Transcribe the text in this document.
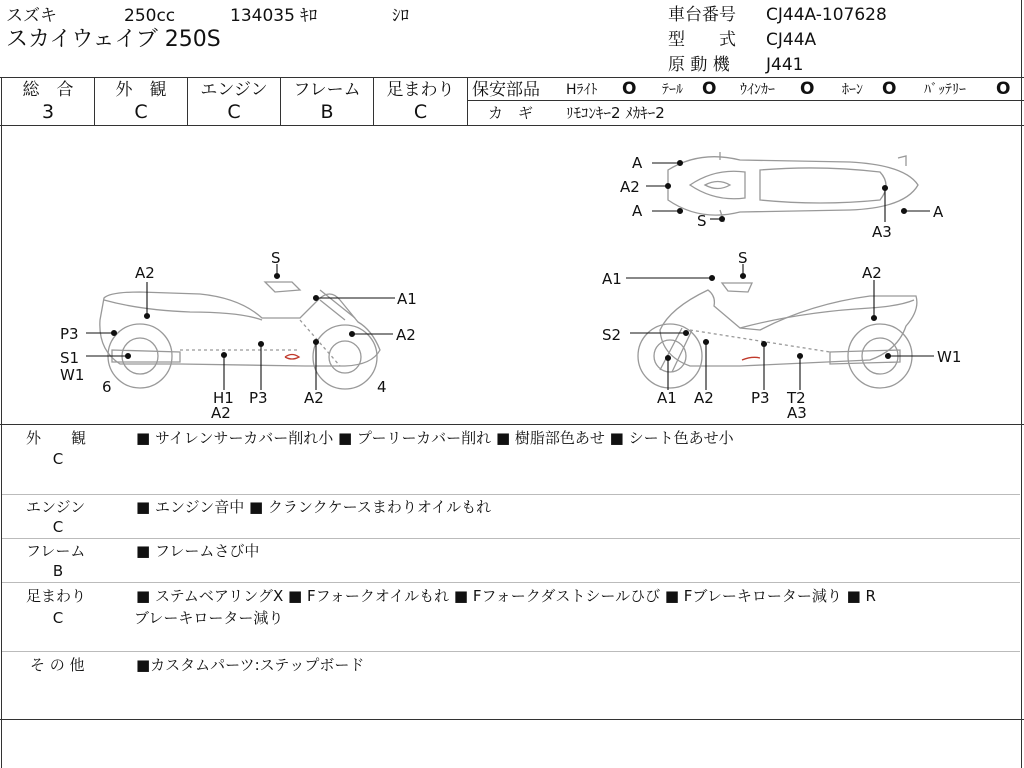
スズキ	250cc	134035 ｷﾛ	ｼﾛ
スカイウェイブ 250S
車台番号 CJ44A-107628
型　　式 CJ44A
原 動 機 J441
総　合
3
外　観
C
エンジン
C
フレーム
B
足まわり
C
保安部品 Hﾗｲﾄ O ﾃｰﾙ O ｳｲﾝｶｰ O ﾎｰﾝ O ﾊﾞｯﾃﾘｰ O
カ　ギ ﾘﾓｺﾝｷｰ2 ﾒｶｷｰ2
A
A2
A
S	A
A3
A2
S
A1
A2
P3
S1
W1
6
H1
A2
P3 A2
4
A1
S
A2
S2
W1
A1 A2 P3 T2
A3
外　　観
C
■ サイレンサーカバー削れ小 ■ プーリーカバー削れ ■ 樹脂部色あせ ■ シート色あせ小
エンジン
C
■ エンジン音中 ■ クランクケースまわりオイルもれ
フレーム
B
■ フレームさび中
足まわり
C
■ ステムベアリングX ■ Fフォークオイルもれ ■ Fフォークダストシールひび ■ Fブレーキローター減り ■ R
ブレーキローター減り
そ の 他	■カスタムパーツ:ステップボード
